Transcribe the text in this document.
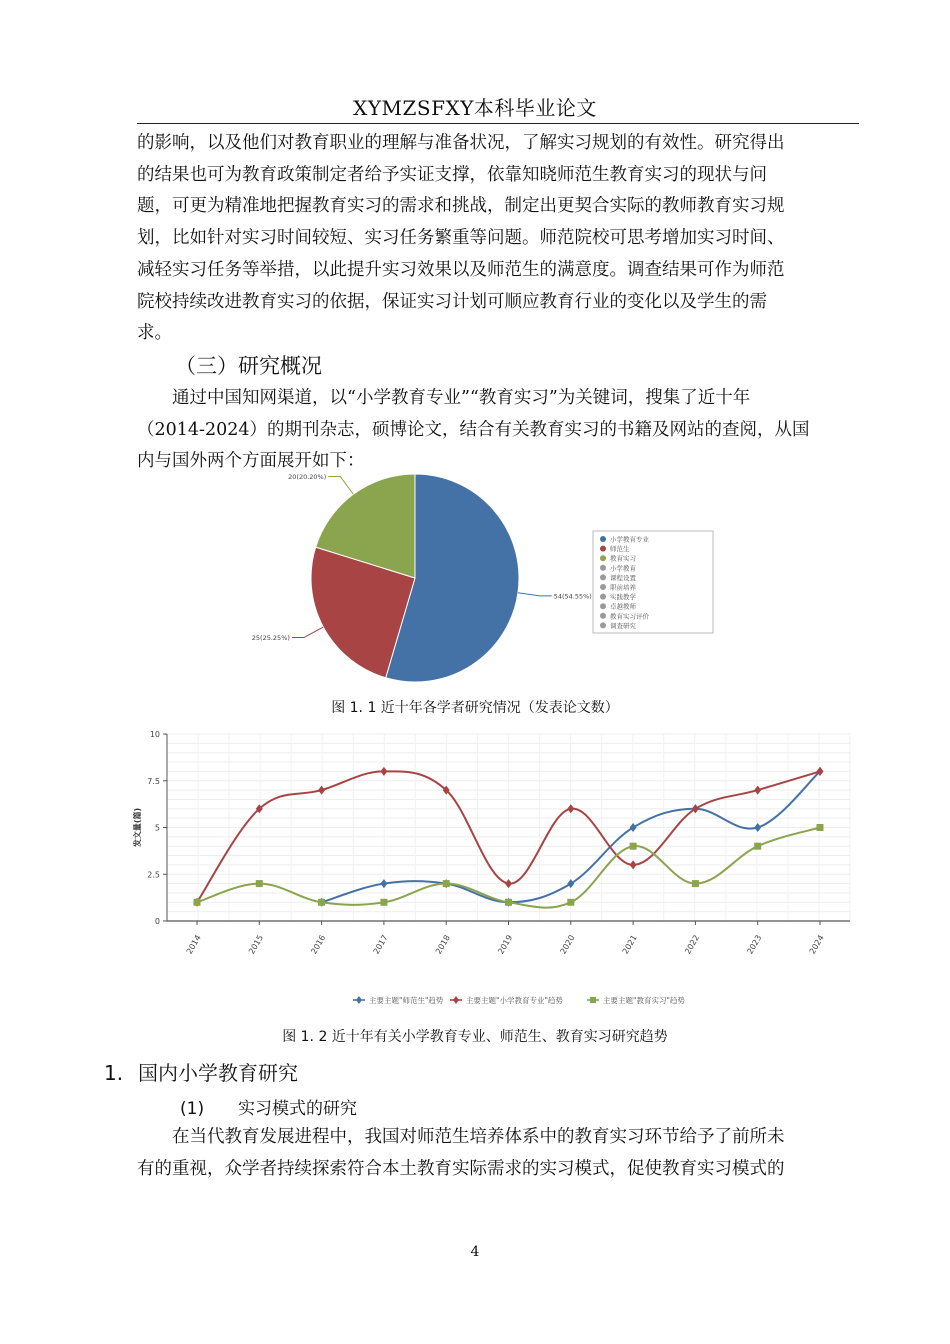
XYMZSFXY本科毕业论文
的影响，以及他们对教育职业的理解与准备状况，了解实习规划的有效性。研究得出
的结果也可为教育政策制定者给予实证支撑，依靠知晓师范生教育实习的现状与问
题，可更为精准地把握教育实习的需求和挑战，制定出更契合实际的教师教育实习规
划，比如针对实习时间较短、实习任务繁重等问题。师范院校可思考增加实习时间、
减轻实习任务等举措，以此提升实习效果以及师范生的满意度。调查结果可作为师范
院校持续改进教育实习的依据，保证实习计划可顺应教育行业的变化以及学生的需
求。
（三）研究概况
　　通过中国知网渠道，以“小学教育专业”“教育实习”为关键词，搜集了近十年
（2014-2024）的期刊杂志，硕博论文，结合有关教育实习的书籍及网站的查阅，从国
内与国外两个方面展开如下：
54(54.55%)
25(25.25%)
20(20.20%)
小学教育专业
师范生
教育实习
小学教育
课程设置
职前培养
实践教学
卓越教师
教育实习评价
调查研究
图 1. 1 近十年各学者研究情况（发表论文数）
0
2.5
5
7.5
10
发文量(篇)
2014	2015	2016	2017	2018	2019	2020	2021	2022	2023	2024
主要主题"师范生"趋势	主要主题"小学教育专业"趋势	主要主题"教育实习"趋势
图 1. 2 近十年有关小学教育专业、师范生、教育实习研究趋势
1. 国内小学教育研究
(1) 实习模式的研究
　　在当代教育发展进程中，我国对师范生培养体系中的教育实习环节给予了前所未
有的重视，众学者持续探索符合本土教育实际需求的实习模式，促使教育实习模式的
4
